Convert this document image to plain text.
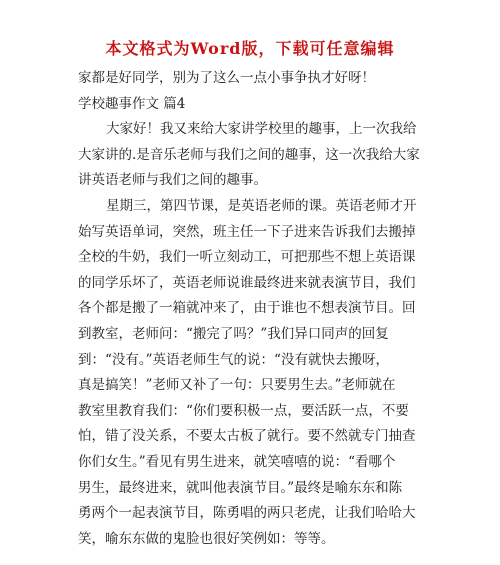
本文格式为Word版，下载可任意编辑
家都是好同学，别为了这么一点小事争执才好呀！
学校趣事作文 篇4
大家好！我又来给大家讲学校里的趣事，上一次我给
大家讲的.是音乐老师与我们之间的趣事，这一次我给大家
讲英语老师与我们之间的趣事。
星期三，第四节课，是英语老师的课。英语老师才开
始写英语单词，突然，班主任一下子进来告诉我们去搬掉
全校的牛奶，我们一听立刻动工，可把那些不想上英语课
的同学乐坏了，英语老师说谁最终进来就表演节目，我们
各个都是搬了一箱就冲来了，由于谁也不想表演节目。回
到教室，老师问：“搬完了吗？”我们异口同声的回复
到：“没有。”英语老师生气的说：“没有就快去搬呀，
真是搞笑！”老师又补了一句：只要男生去。”老师就在
教室里教育我们：“你们要积极一点，要活跃一点，不要
怕，错了没关系，不要太古板了就行。要不然就专门抽查
你们女生。”看见有男生进来，就笑嘻嘻的说：“看哪个
男生，最终进来，就叫他表演节目。”最终是喻东东和陈
勇两个一起表演节目，陈勇唱的两只老虎，让我们哈哈大
笑，喻东东做的鬼脸也很好笑例如：等等。
